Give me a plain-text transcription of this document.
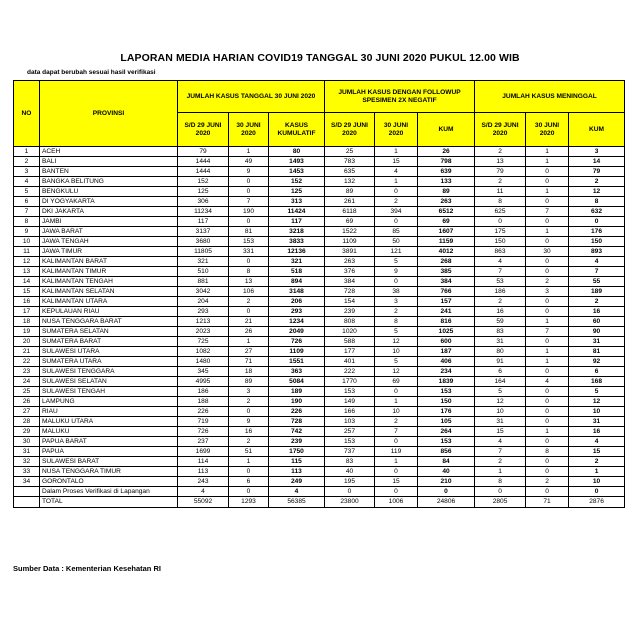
LAPORAN MEDIA HARIAN COVID19 TANGGAL 30 JUNI 2020 PUKUL 12.00 WIB
data dapat berubah sesuai hasil verifikasi
NO	PROVINSI	JUMLAH KASUS TANGGAL 30 JUNI 2020			JUMLAH KASUS DENGAN FOLLOWUP SPESIMEN 2X NEGATIF			JUMLAH KASUS MENINGGAL		
		S/D 29 JUNI 2020	30 JUNI 2020	KASUS KUMULATIF	S/D 29 JUNI 2020	30 JUNI 2020	KUM	S/D 29 JUNI 2020	30 JUNI 2020	KUM
1	ACEH	79	1	80	25	1	26	2	1	3
2	BALI	1444	49	1493	783	15	798	13	1	14
3	BANTEN	1444	9	1453	635	4	639	79	0	79
4	BANGKA BELITUNG	152	0	152	132	1	133	2	0	2
5	BENGKULU	125	0	125	89	0	89	11	1	12
6	DI YOGYAKARTA	306	7	313	261	2	263	8	0	8
7	DKI JAKARTA	11234	190	11424	6118	394	6512	625	7	632
8	JAMBI	117	0	117	69	0	69	0	0	0
9	JAWA BARAT	3137	81	3218	1522	85	1607	175	1	176
10	JAWA TENGAH	3680	153	3833	1109	50	1159	150	0	150
11	JAWA TIMUR	11805	331	12136	3891	121	4012	863	30	893
12	KALIMANTAN BARAT	321	0	321	263	5	268	4	0	4
13	KALIMANTAN TIMUR	510	8	518	376	9	385	7	0	7
14	KALIMANTAN TENGAH	881	13	894	384	0	384	53	2	55
15	KALIMANTAN SELATAN	3042	106	3148	728	38	766	186	3	189
16	KALIMANTAN UTARA	204	2	206	154	3	157	2	0	2
17	KEPULAUAN RIAU	293	0	293	239	2	241	16	0	16
18	NUSA TENGGARA BARAT	1213	21	1234	808	8	816	59	1	60
19	SUMATERA SELATAN	2023	26	2049	1020	5	1025	83	7	90
20	SUMATERA BARAT	725	1	726	588	12	600	31	0	31
21	SULAWESI UTARA	1082	27	1109	177	10	187	80	1	81
22	SUMATERA UTARA	1480	71	1551	401	5	406	91	1	92
23	SULAWESI TENGGARA	345	18	363	222	12	234	6	0	6
24	SULAWESI SELATAN	4995	89	5084	1770	69	1839	164	4	168
25	SULAWESI TENGAH	186	3	189	153	0	153	5	0	5
26	LAMPUNG	188	2	190	149	1	150	12	0	12
27	RIAU	226	0	226	166	10	176	10	0	10
28	MALUKU UTARA	719	9	728	103	2	105	31	0	31
29	MALUKU	726	16	742	257	7	264	15	1	16
30	PAPUA BARAT	237	2	239	153	0	153	4	0	4
31	PAPUA	1699	51	1750	737	119	856	7	8	15
32	SULAWESI BARAT	114	1	115	83	1	84	2	0	2
33	NUSA TENGGARA TIMUR	113	0	113	40	0	40	1	0	1
34	GORONTALO	243	6	249	195	15	210	8	2	10
	Dalam Proses Verifikasi di Lapangan	4	0	4	0	0	0	0	0	0
	TOTAL	55092	1293	56385	23800	1006	24806	2805	71	2876
Sumber Data : Kementerian Kesehatan RI
